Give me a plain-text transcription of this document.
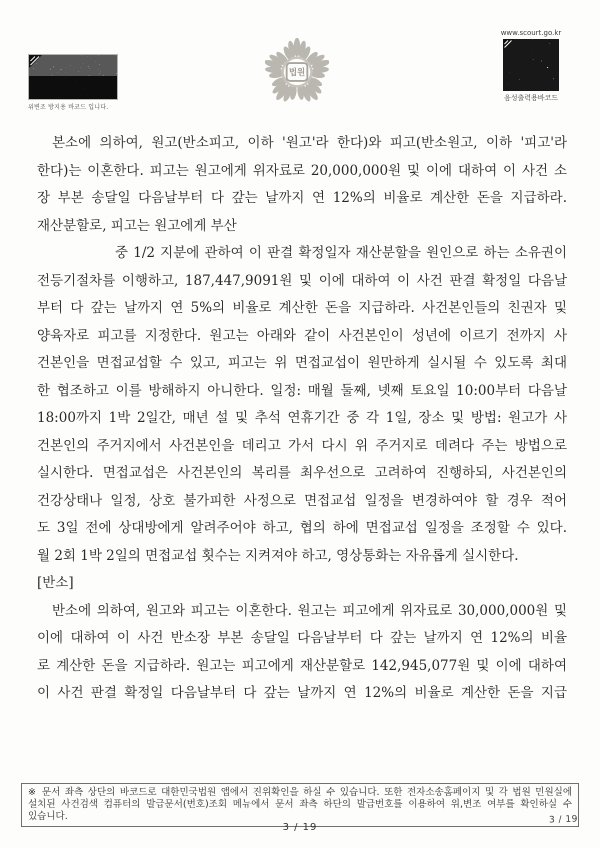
위변조 방지용 바코드 입니다.
법원
www.scourt.go.kr
음성출력용바코드
본소에 의하여, 원고(반소피고, 이하 '원고'라 한다)와 피고(반소원고, 이하 '피고'라
한다)는 이혼한다. 피고는 원고에게 위자료로 20,000,000원 및 이에 대하여 이 사건 소
장 부본 송달일 다음날부터 다 갚는 날까지 연 12%의 비율로 계산한 돈을 지급하라.
재산분할로, 피고는 원고에게 부산
중 1/2 지분에 관하여 이 판결 확정일자 재산분할을 원인으로 하는 소유권이
전등기절차를 이행하고, 187,447,9091원 및 이에 대하여 이 사건 판결 확정일 다음날
부터 다 갚는 날까지 연 5%의 비율로 계산한 돈을 지급하라. 사건본인들의 친권자 및
양육자로 피고를 지정한다. 원고는 아래와 같이 사건본인이 성년에 이르기 전까지 사
건본인을 면접교섭할 수 있고, 피고는 위 면접교섭이 원만하게 실시될 수 있도록 최대
한 협조하고 이를 방해하지 아니한다. 일정: 매월 둘째, 넷째 토요일 10:00부터 다음날
18:00까지 1박 2일간, 매년 설 및 추석 연휴기간 중 각 1일, 장소 및 방법: 원고가 사
건본인의 주거지에서 사건본인을 데리고 가서 다시 위 주거지로 데려다 주는 방법으로
실시한다. 면접교섭은 사건본인의 복리를 최우선으로 고려하여 진행하되, 사건본인의
건강상태나 일정, 상호 불가피한 사정으로 면접교섭 일정을 변경하여야 할 경우 적어
도 3일 전에 상대방에게 알려주어야 하고, 협의 하에 면접교섭 일정을 조정할 수 있다.
월 2회 1박 2일의 면접교섭 횟수는 지켜져야 하고, 영상통화는 자유롭게 실시한다.
[반소]
반소에 의하여, 원고와 피고는 이혼한다. 원고는 피고에게 위자료로 30,000,000원 및
이에 대하여 이 사건 반소장 부본 송달일 다음날부터 다 갚는 날까지 연 12%의 비율
로 계산한 돈을 지급하라. 원고는 피고에게 재산분할로 142,945,077원 및 이에 대하여
이 사건 판결 확정일 다음날부터 다 갚는 날까지 연 12%의 비율로 계산한 돈을 지급
※ 문서 좌측 상단의 바코드로 대한민국법원 앱에서 진위확인을 하실 수 있습니다. 또한 전자소송홈페이지 및 각 법원 민원실에 설치된 사건검색 컴퓨터의 발급문서(번호)조회 메뉴에서 문서 좌측 하단의 발급번호를 이용하여 위,변조 여부를 확인하실 수 있습니다.
3 / 19
3 / 19
